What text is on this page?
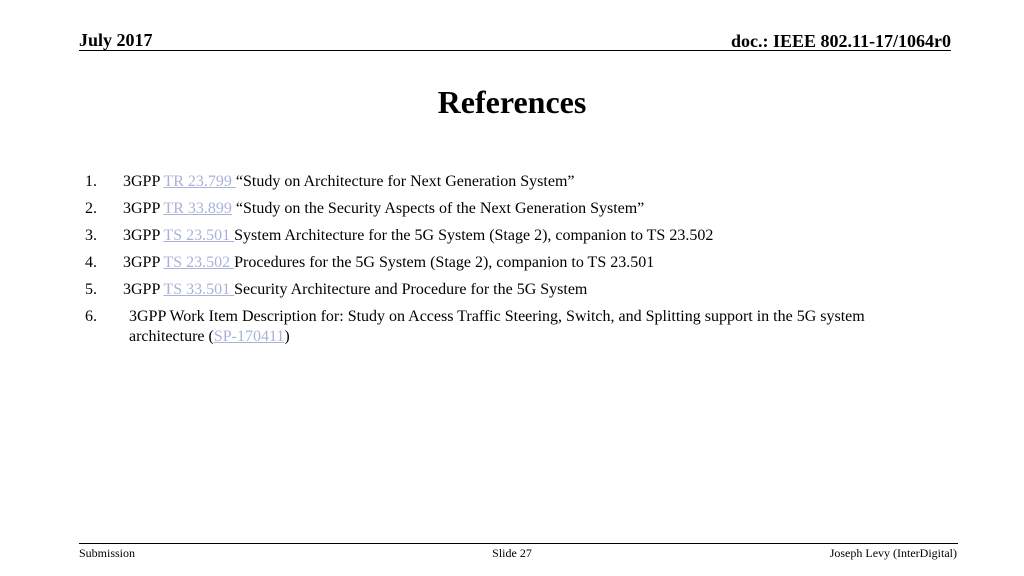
July 2017	doc.: IEEE 802.11-17/1064r0
References
1.	3GPP TR 23.799 “Study on Architecture for Next Generation System”
2.	3GPP TR 33.899 “Study on the Security Aspects of the Next Generation System”
3.	3GPP TS 23.501 System Architecture for the 5G System (Stage 2), companion to TS 23.502
4.	3GPP TS 23.502 Procedures for the 5G System (Stage 2), companion to TS 23.501
5.	3GPP TS 33.501 Security Architecture and Procedure for the 5G System
6.	3GPP Work Item Description for: Study on Access Traffic Steering, Switch, and Splitting support in the 5G system architecture (SP-170411)
Submission	Slide 27	Joseph Levy (InterDigital)
